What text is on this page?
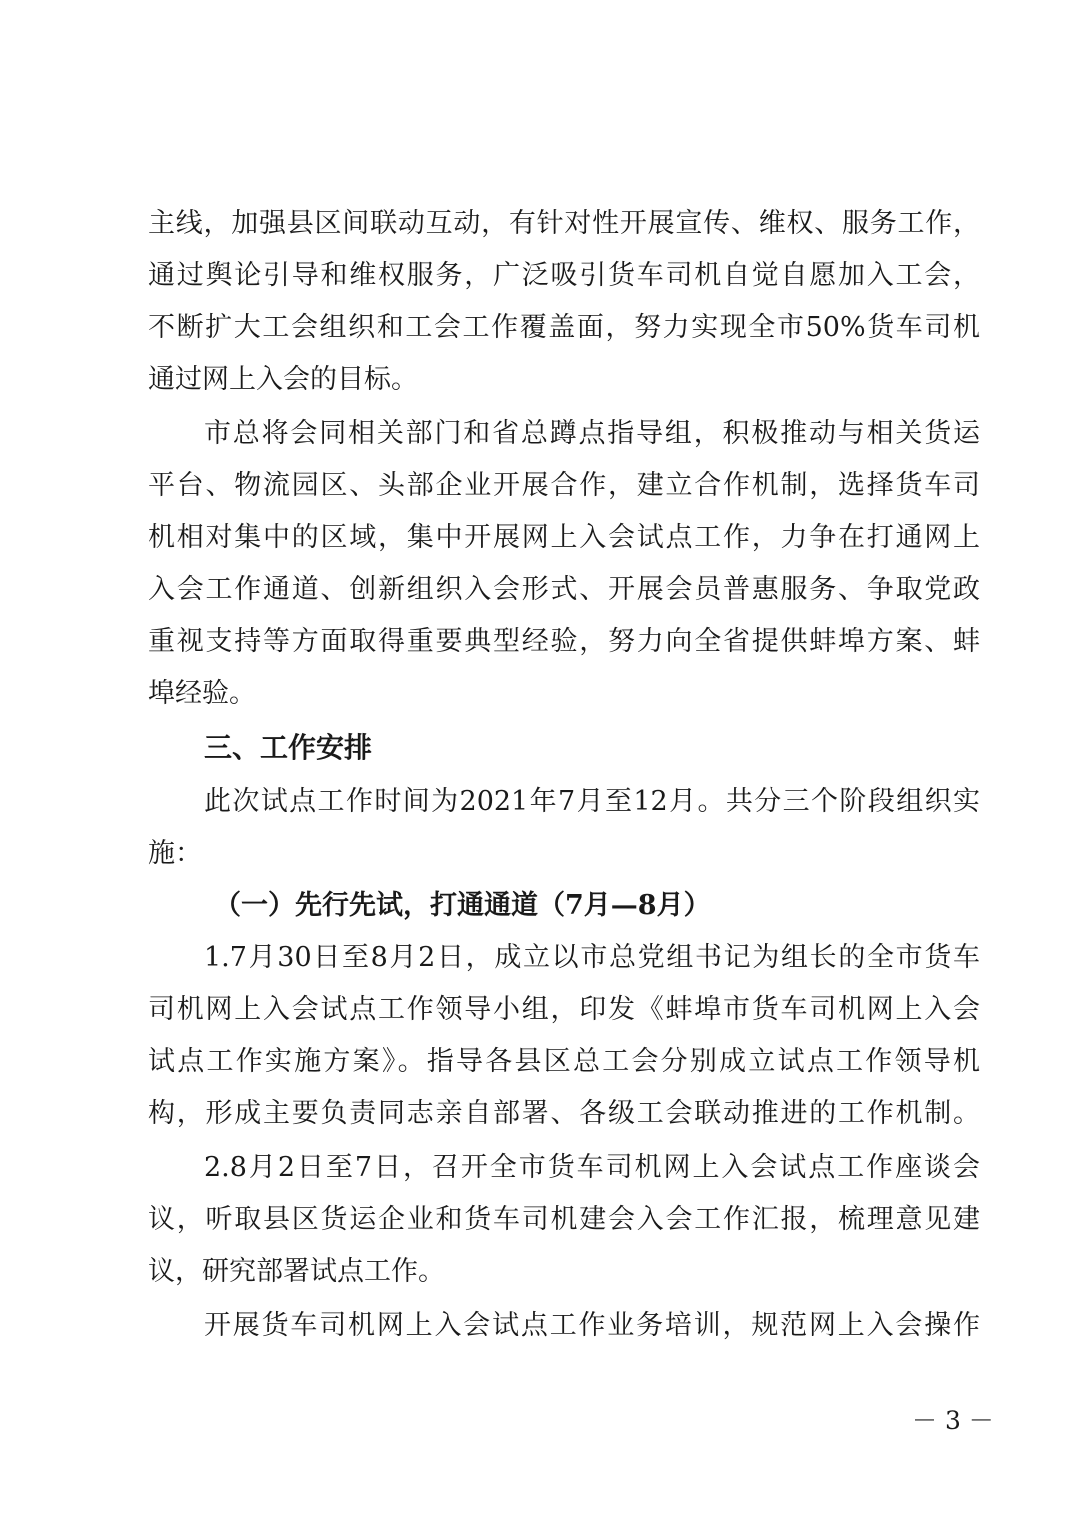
主线，加强县区间联动互动，有针对性开展宣传、维权、服务工作，
通过舆论引导和维权服务，广泛吸引货车司机自觉自愿加入工会，
不断扩大工会组织和工会工作覆盖面，努力实现全市50%货车司机
通过网上入会的目标。
市总将会同相关部门和省总蹲点指导组，积极推动与相关货运
平台、物流园区、头部企业开展合作，建立合作机制，选择货车司
机相对集中的区域，集中开展网上入会试点工作，力争在打通网上
入会工作通道、创新组织入会形式、开展会员普惠服务、争取党政
重视支持等方面取得重要典型经验，努力向全省提供蚌埠方案、蚌
埠经验。
三、工作安排
此次试点工作时间为2021年7月至12月。共分三个阶段组织实
施：
（一）先行先试，打通通道（7月—8月）
1.7月30日至8月2日，成立以市总党组书记为组长的全市货车
司机网上入会试点工作领导小组，印发《蚌埠市货车司机网上入会
试点工作实施方案》。指导各县区总工会分别成立试点工作领导机
构，形成主要负责同志亲自部署、各级工会联动推进的工作机制。
2.8月2日至7日，召开全市货车司机网上入会试点工作座谈会
议，听取县区货运企业和货车司机建会入会工作汇报，梳理意见建
议，研究部署试点工作。
开展货车司机网上入会试点工作业务培训，规范网上入会操作
－ 3 －
